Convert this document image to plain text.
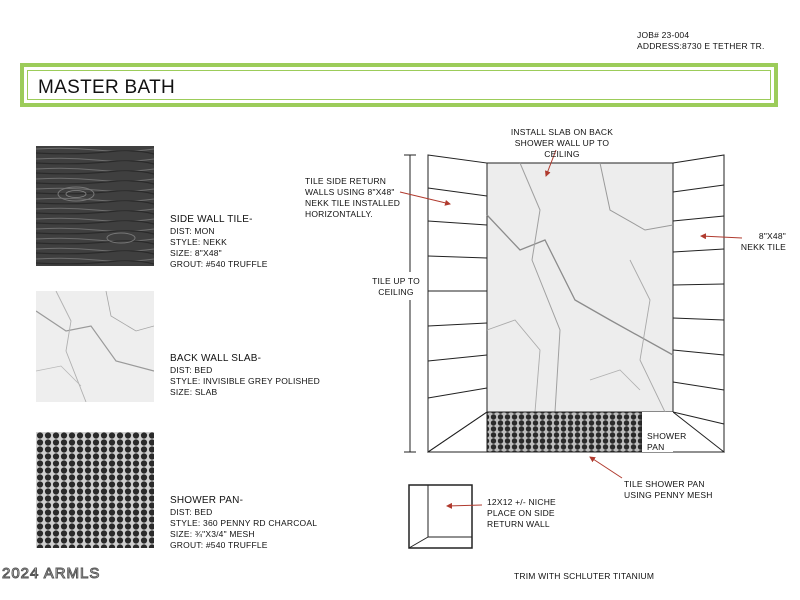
JOB# 23-004
ADDRESS:8730 E TETHER TR.
MASTER BATH
SIDE WALL TILE-
DIST: MON
STYLE: NEKK
SIZE: 8"X48"
GROUT: #540 TRUFFLE
BACK WALL SLAB-
DIST: BED
STYLE: INVISIBLE GREY POLISHED
SIZE: SLAB
SHOWER PAN-
DIST: BED
STYLE: 360 PENNY RD CHARCOAL
SIZE: ¾"X3/4" MESH
GROUT: #540 TRUFFLE
INSTALL SLAB ON BACK
SHOWER WALL UP TO CEILING
TILE SIDE RETURN
WALLS USING 8"X48"
NEKK TILE INSTALLED
HORIZONTALLY.
8"X48"
NEKK TILE
TILE UP TO
CEILING
SHOWER
PAN
TILE SHOWER PAN
USING PENNY MESH
12X12 +/- NICHE
PLACE ON SIDE
RETURN WALL
TRIM WITH SCHLUTER TITANIUM
2024 ARMLS
